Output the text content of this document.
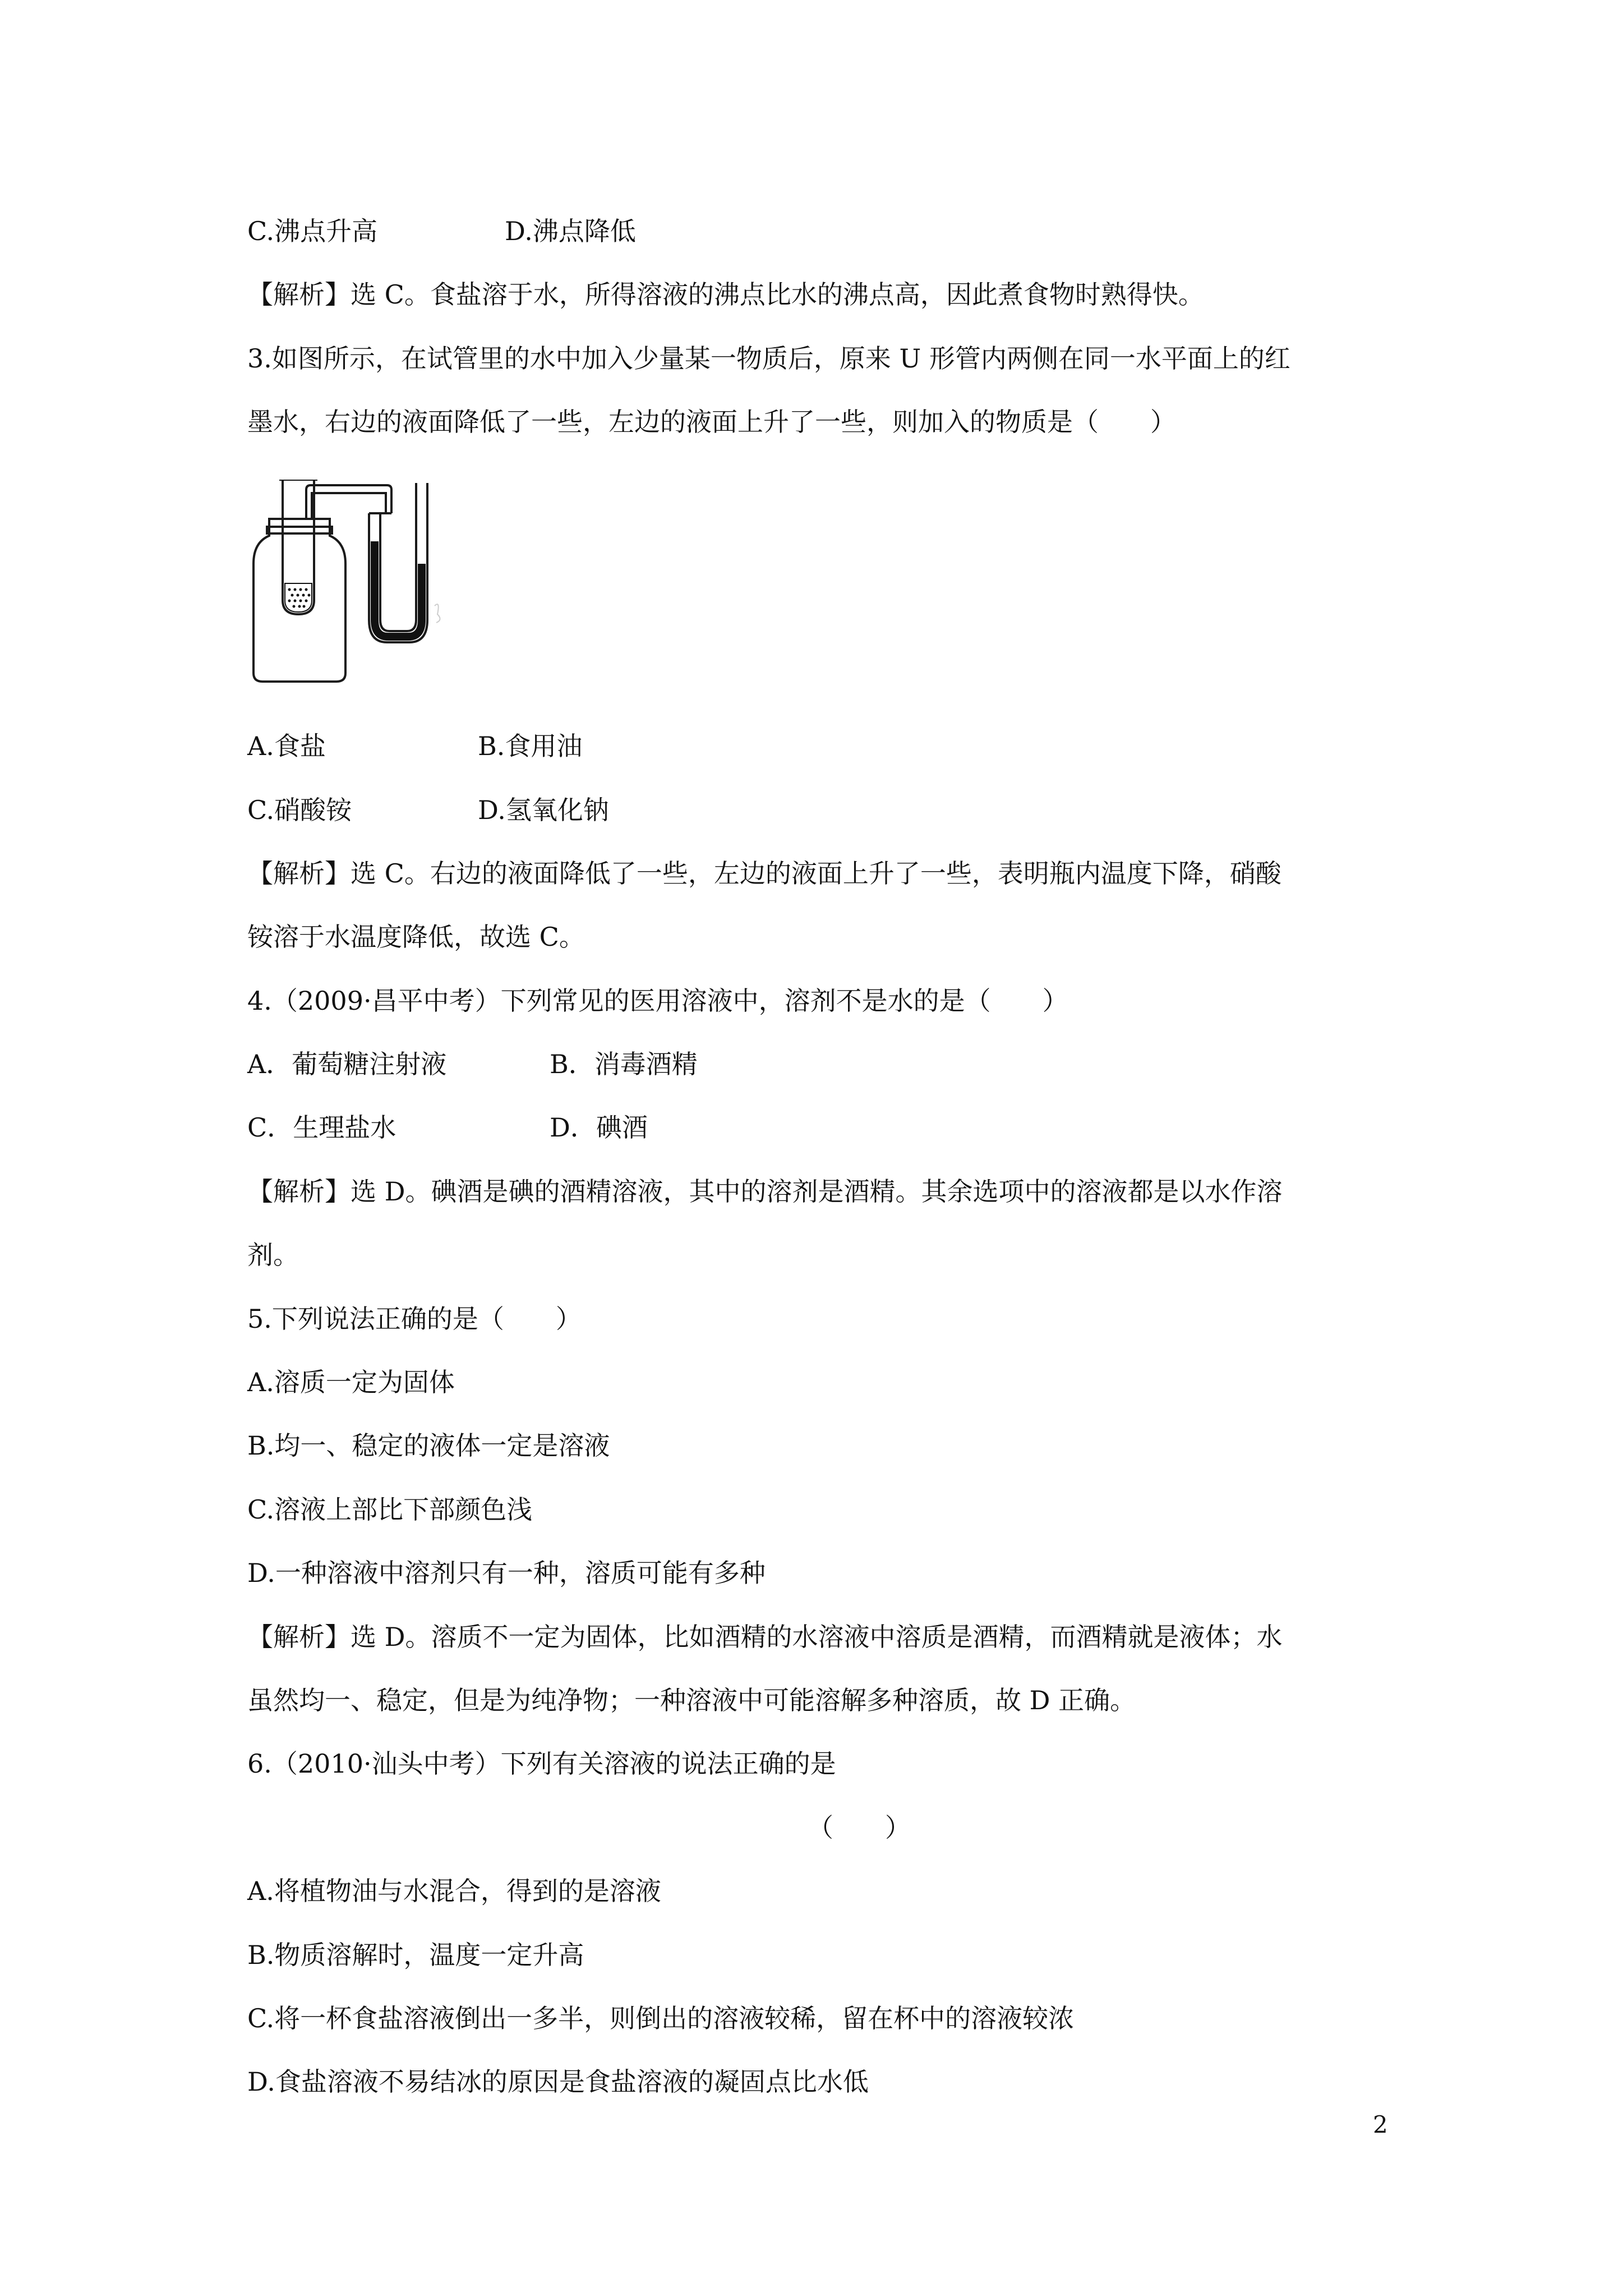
C.沸点升高	D.沸点降低
【解析】选 C。食盐溶于水，所得溶液的沸点比水的沸点高，因此煮食物时熟得快。
3.如图所示，在试管里的水中加入少量某一物质后，原来 U 形管内两侧在同一水平面上的红
墨水，右边的液面降低了一些，左边的液面上升了一些，则加入的物质是（　　）
A.食盐	B.食用油
C.硝酸铵	D.氢氧化钠
【解析】选 C。右边的液面降低了一些，左边的液面上升了一些，表明瓶内温度下降，硝酸
铵溶于水温度降低，故选 C。
4.（2009·昌平中考）下列常见的医用溶液中，溶剂不是水的是（　　）
A．葡萄糖注射液	B．消毒酒精
C．生理盐水	D．碘酒
【解析】选 D。碘酒是碘的酒精溶液，其中的溶剂是酒精。其余选项中的溶液都是以水作溶
剂。
5.下列说法正确的是（　　）
A.溶质一定为固体
B.均一、稳定的液体一定是溶液
C.溶液上部比下部颜色浅
D.一种溶液中溶剂只有一种，溶质可能有多种
【解析】选 D。溶质不一定为固体，比如酒精的水溶液中溶质是酒精，而酒精就是液体；水
虽然均一、稳定，但是为纯净物；一种溶液中可能溶解多种溶质，故 D 正确。
6.（2010·汕头中考）下列有关溶液的说法正确的是
（　　）
A.将植物油与水混合，得到的是溶液
B.物质溶解时，温度一定升高
C.将一杯食盐溶液倒出一多半，则倒出的溶液较稀，留在杯中的溶液较浓
D.食盐溶液不易结冰的原因是食盐溶液的凝固点比水低
2
